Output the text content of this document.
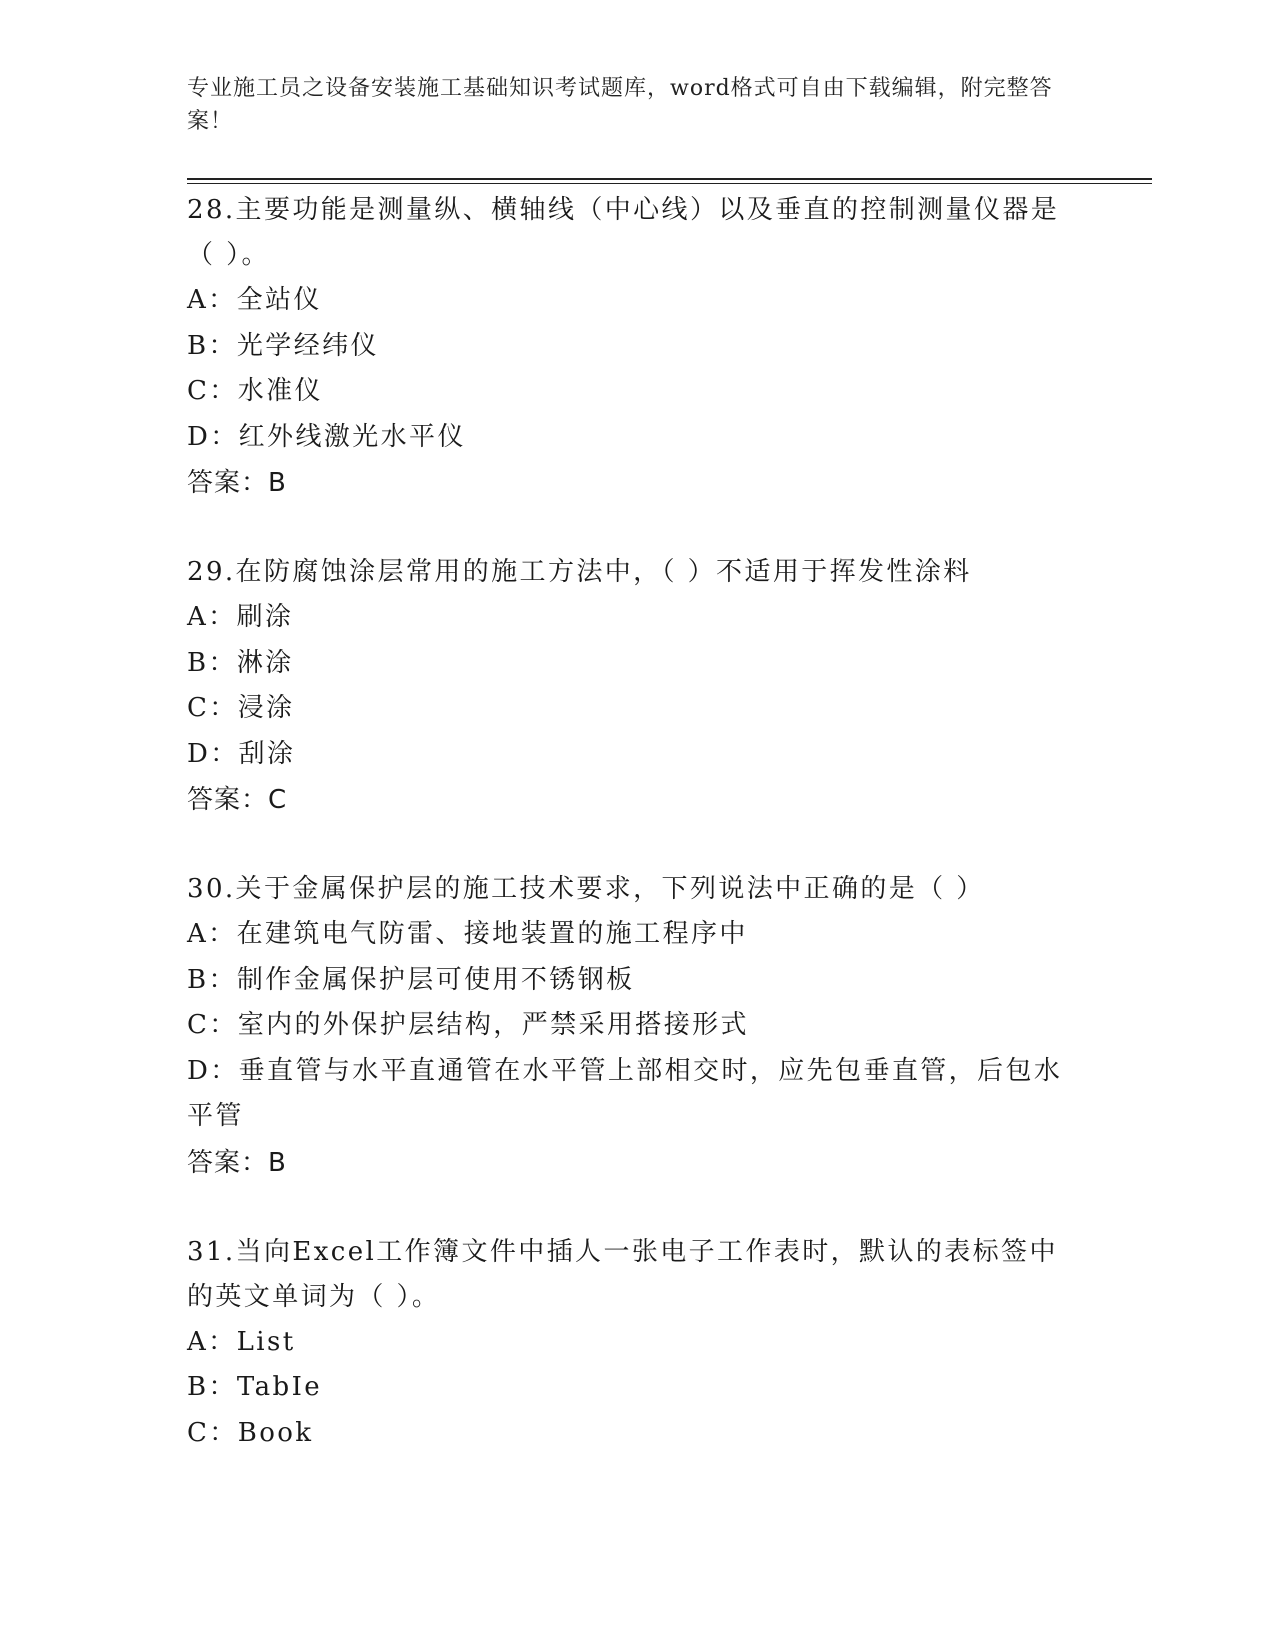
专业施工员之设备安装施工基础知识考试题库，word格式可自由下载编辑，附完整答案！
28.主要功能是测量纵、横轴线（中心线）以及垂直的控制测量仪器是（ ）。
A：全站仪
B：光学经纬仪
C：水准仪
D：红外线激光水平仪
答案：B
29.在防腐蚀涂层常用的施工方法中，（ ）不适用于挥发性涂料
A：刷涂
B：淋涂
C：浸涂
D：刮涂
答案：C
30.关于金属保护层的施工技术要求，下列说法中正确的是（ ）
A：在建筑电气防雷、接地装置的施工程序中
B：制作金属保护层可使用不锈钢板
C：室内的外保护层结构，严禁采用搭接形式
D：垂直管与水平直通管在水平管上部相交时，应先包垂直管，后包水平管
答案：B
31.当向Excel工作簿文件中插人一张电子工作表时，默认的表标签中的英文单词为（ ）。
A：List
B：TabIe
C：Book
